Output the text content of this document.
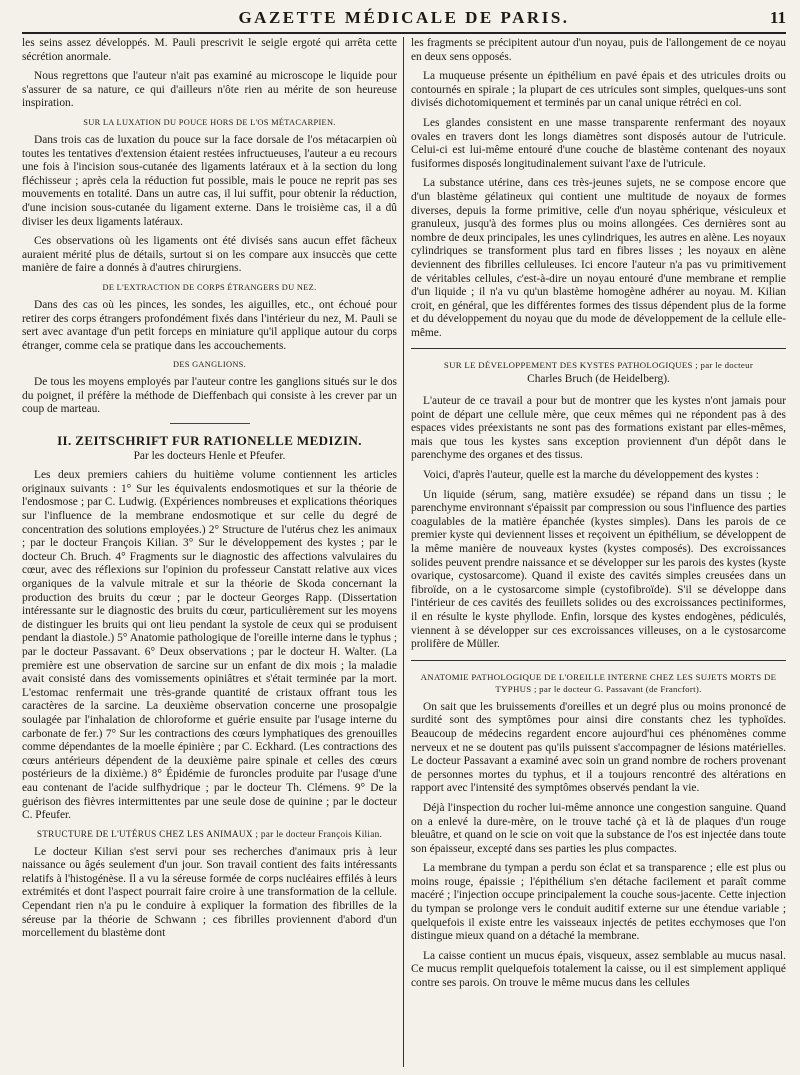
GAZETTE MÉDICALE DE PARIS.	11

les seins assez développés. M. Pauli prescrivit le seigle ergoté qui arrêta cette sécrétion anormale.

Nous regrettons que l'auteur n'ait pas examiné au microscope le liquide pour s'assurer de sa nature, ce qui d'ailleurs n'ôte rien au mérite de son heureuse inspiration.

SUR LA LUXATION DU POUCE HORS DE L'OS MÉTACARPIEN.

Dans trois cas de luxation du pouce sur la face dorsale de l'os métacarpien où toutes les tentatives d'extension étaient restées infructueuses, l'auteur a eu recours une fois à l'incision sous-cutanée des ligaments latéraux et à la section du long fléchisseur ; après cela la réduction fut possible, mais le pouce ne reprit pas ses mouvements en totalité. Dans un autre cas, il lui suffit, pour obtenir la réduction, d'une incision sous-cutanée du ligament externe. Dans le troisième cas, il a dû diviser les deux ligaments latéraux.

Ces observations où les ligaments ont été divisés sans aucun effet fâcheux auraient mérité plus de détails, surtout si on les compare aux insuccès que cette manière de faire a donnés à d'autres chirurgiens.

DE L'EXTRACTION DE CORPS ÉTRANGERS DU NEZ.

Dans des cas où les pinces, les sondes, les aiguilles, etc., ont échoué pour retirer des corps étrangers profondément fixés dans l'intérieur du nez, M. Pauli se sert avec avantage d'un petit forceps en miniature qu'il applique autour du corps étranger, comme cela se pratique dans les accouchements.

DES GANGLIONS.

De tous les moyens employés par l'auteur contre les ganglions situés sur le dos du poignet, il préfère la méthode de Dieffenbach qui consiste à les crever par un coup de marteau.

II. ZEITSCHRIFT FUR RATIONELLE MEDIZIN.
Par les docteurs Henle et Pfeufer.

Les deux premiers cahiers du huitième volume contiennent les articles originaux suivants : 1° Sur les équivalents endosmotiques et sur la théorie de l'endosmose ; par C. Ludwig. (Expériences nombreuses et explications théoriques sur l'influence de la membrane endosmotique et sur celle du degré de concentration des solutions employées.) 2° Structure de l'utérus chez les animaux ; par le docteur François Kilian. 3° Sur le développement des kystes ; par le docteur Ch. Bruch. 4° Fragments sur le diagnostic des affections valvulaires du cœur, avec des réflexions sur l'opinion du professeur Canstatt relative aux vices organiques de la valvule mitrale et sur la théorie de Skoda concernant la production des bruits du cœur ; par le docteur Georges Rapp. (Dissertation intéressante sur le diagnostic des bruits du cœur, particulièrement sur les moyens de distinguer les bruits qui ont lieu pendant la systole de ceux qui se produisent pendant la diastole.) 5° Anatomie pathologique de l'oreille interne dans le typhus ; par le docteur Passavant. 6° Deux observations ; par le docteur H. Walter. (La première est une observation de sarcine sur un enfant de dix mois ; la maladie avait consisté dans des vomissements opiniâtres et s'était terminée par la mort. L'estomac renfermait une très-grande quantité de cristaux offrant tous les caractères de la sarcine. La deuxième observation concerne une prosopalgie soulagée par l'inhalation de chloroforme et guérie ensuite par l'usage interne du carbonate de fer.) 7° Sur les contractions des cœurs lymphatiques des grenouilles comme dépendantes de la moelle épinière ; par C. Eckhard. (Les contractions des cœurs antérieurs dépendent de la deuxième paire spinale et celles des cœurs postérieurs de la dixième.) 8° Épidémie de furoncles produite par l'usage d'une eau contenant de l'acide sulfhydrique ; par le docteur Th. Clémens. 9° De la guérison des fièvres intermittentes par une seule dose de quinine ; par le docteur C. Pfeufer.

STRUCTURE DE L'UTÉRUS CHEZ LES ANIMAUX ; par le docteur François Kilian.

Le docteur Kilian s'est servi pour ses recherches d'animaux pris à leur naissance ou âgés seulement d'un jour. Son travail contient des faits intéressants relatifs à l'histogénèse. Il a vu la séreuse formée de corps nucléaires effilés à leurs extrémités et dont l'aspect pourrait faire croire à une transformation de la cellule. Cependant rien n'a pu le conduire à expliquer la formation des fibrilles de la séreuse par la théorie de Schwann ; ces fibrilles proviennent d'abord d'un morcellement du blastème dont

les fragments se précipitent autour d'un noyau, puis de l'allongement de ce noyau en deux sens opposés.

La muqueuse présente un épithélium en pavé épais et des utricules droits ou contournés en spirale ; la plupart de ces utricules sont simples, quelques-uns sont divisés dichotomiquement et terminés par un canal unique rétréci en col.

Les glandes consistent en une masse transparente renfermant des noyaux ovales en travers dont les longs diamètres sont disposés autour de l'utricule. Celui-ci est lui-même entouré d'une couche de blastème contenant des noyaux fusiformes disposés longitudinalement suivant l'axe de l'utricule.

La substance utérine, dans ces très-jeunes sujets, ne se compose encore que d'un blastème gélatineux qui contient une multitude de noyaux de formes diverses, depuis la forme primitive, celle d'un noyau sphérique, vésiculeux et granuleux, jusqu'à des formes plus ou moins allongées. Ces dernières sont au nombre de deux principales, les unes cylindriques, les autres en alène. Les noyaux cylindriques se transforment plus tard en fibres lisses ; les noyaux en alène deviennent des fibrilles celluleuses. Ici encore l'auteur n'a pas vu primitivement de véritables cellules, c'est-à-dire un noyau entouré d'une membrane et remplie d'un liquide ; il n'a vu qu'un blastème homogène adhérer au noyau. M. Kilian croit, en général, que les différentes formes des tissus dépendent plus de la forme et du développement du noyau que du mode de développement de la cellule elle-même.

SUR LE DÉVELOPPEMENT DES KYSTES PATHOLOGIQUES ; par le docteur
Charles Bruch (de Heidelberg).

L'auteur de ce travail a pour but de montrer que les kystes n'ont jamais pour point de départ une cellule mère, que ceux mêmes qui ne répondent pas à des espaces vides préexistants ne sont pas des formations existant par elles-mêmes, mais que tous les kystes sans exception proviennent d'un dépôt dans le parenchyme des organes et des tissus.

Voici, d'après l'auteur, quelle est la marche du développement des kystes :

Un liquide (sérum, sang, matière exsudée) se répand dans un tissu ; le parenchyme environnant s'épaissit par compression ou sous l'influence des parties coagulables de la matière épanchée (kystes simples). Dans les parois de ce premier kyste qui deviennent lisses et reçoivent un épithélium, se développent de la même manière de nouveaux kystes (kystes composés). Des excroissances solides peuvent prendre naissance et se développer sur les parois des kystes (kyste ovarique, cystosarcome). Quand il existe des cavités simples creusées dans un fibroïde, on a le cystosarcome simple (cystofibroïde). S'il se développe dans l'intérieur de ces cavités des feuillets solides ou des excroissances pectiniformes, il en résulte le kyste phyllode. Enfin, lorsque des kystes endogènes, pédiculés, viennent à se développer sur ces excroissances villeuses, on a le cystosarcome prolifère de Müller.

ANATOMIE PATHOLOGIQUE DE L'OREILLE INTERNE CHEZ LES SUJETS MORTS DE TYPHUS ; par le docteur G. Passavant (de Francfort).

On sait que les bruissements d'oreilles et un degré plus ou moins prononcé de surdité sont des symptômes pour ainsi dire constants chez les typhoïdes. Beaucoup de médecins regardent encore aujourd'hui ces phénomènes comme nerveux et ne se doutent pas qu'ils puissent s'accompagner de lésions matérielles. Le docteur Passavant a examiné avec soin un grand nombre de rochers provenant de personnes mortes du typhus, et il a toujours rencontré des altérations en rapport avec l'intensité des symptômes observés pendant la vie.

Déjà l'inspection du rocher lui-même annonce une congestion sanguine. Quand on a enlevé la dure-mère, on le trouve taché çà et là de plaques d'un rouge bleuâtre, et quand on le scie on voit que la substance de l'os est injectée dans toute son épaisseur, excepté dans ses parties les plus compactes.

La membrane du tympan a perdu son éclat et sa transparence ; elle est plus ou moins rouge, épaissie ; l'épithélium s'en détache facilement et paraît comme macéré ; l'injection occupe principalement la couche sous-jacente. Cette injection du tympan se prolonge vers le conduit auditif externe sur une étendue variable ; quelquefois il existe entre les vaisseaux injectés de petites ecchymoses que l'on distingue mieux quand on a détaché la membrane.

La caisse contient un mucus épais, visqueux, assez semblable au mucus nasal. Ce mucus remplit quelquefois totalement la caisse, ou il est simplement appliqué contre ses parois. On trouve le même mucus dans les cellules
